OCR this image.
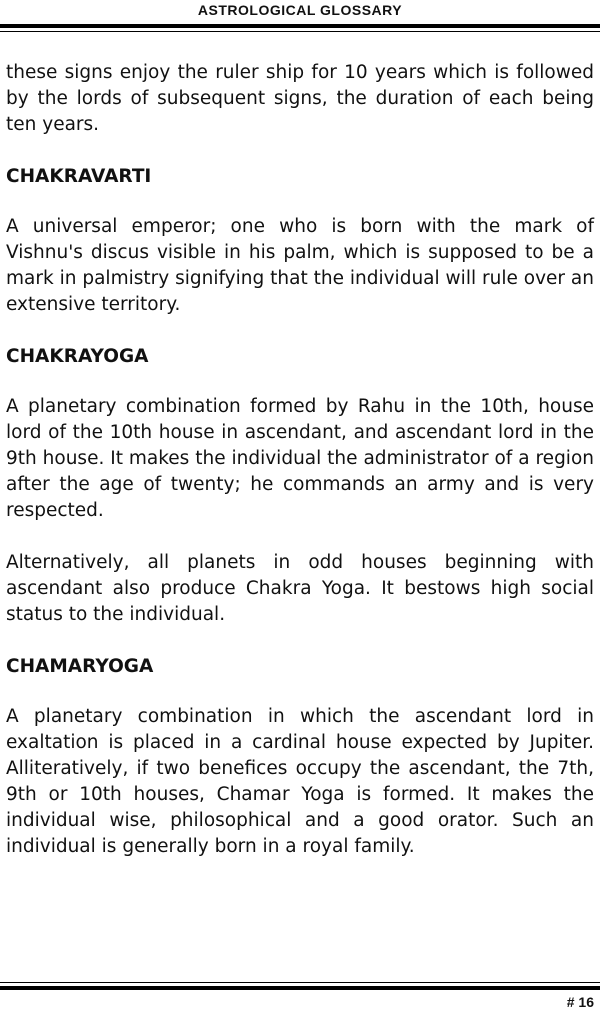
ASTROLOGICAL GLOSSARY

these signs enjoy the ruler ship for 10 years which is followed by the lords of subsequent signs, the duration of each being ten years.

CHAKRAVARTI

A universal emperor; one who is born with the mark of Vishnu's discus visible in his palm, which is supposed to be a mark in palmistry signifying that the individual will rule over an extensive territory.

CHAKRAYOGA

A planetary combination formed by Rahu in the 10th, house lord of the 10th house in ascendant, and ascendant lord in the 9th house. It makes the individual the administrator of a region after the age of twenty; he commands an army and is very respected.

Alternatively, all planets in odd houses beginning with ascendant also produce Chakra Yoga. It bestows high social status to the individual.

CHAMARYOGA

A planetary combination in which the ascendant lord in exaltation is placed in a cardinal house expected by Jupiter. Alliteratively, if two benefices occupy the ascendant, the 7th, 9th or 10th houses, Chamar Yoga is formed. It makes the individual wise, philosophical and a good orator. Such an individual is generally born in a royal family.

# 16
